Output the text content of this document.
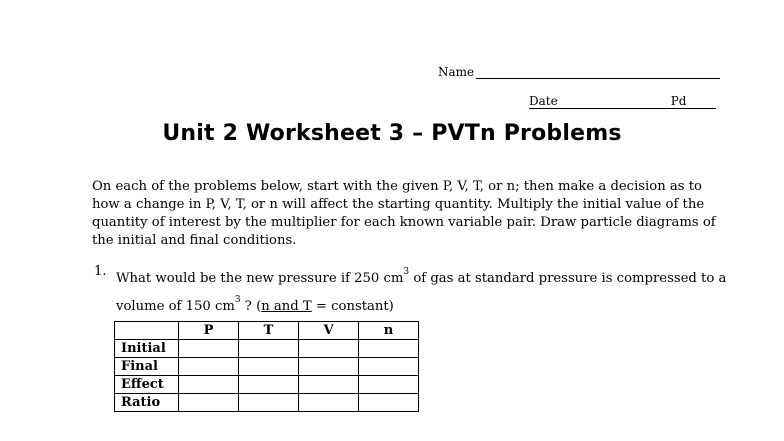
Name
Date	Pd
Unit 2 Worksheet 3 – PVTn Problems
On each of the problems below, start with the given P, V, T, or n; then make a decision as to
how a change in P, V, T, or n will affect the starting quantity. Multiply the initial value of the
quantity of interest by the multiplier for each known variable pair. Draw particle diagrams of
the initial and final conditions.
1. What would be the new pressure if 250 $cm^3$ of gas at standard pressure is compressed to a
volume of 150 $cm^3$ ? (n and T = constant)
	P	T	V	n
Initial				
Final				
Effect				
Ratio				
